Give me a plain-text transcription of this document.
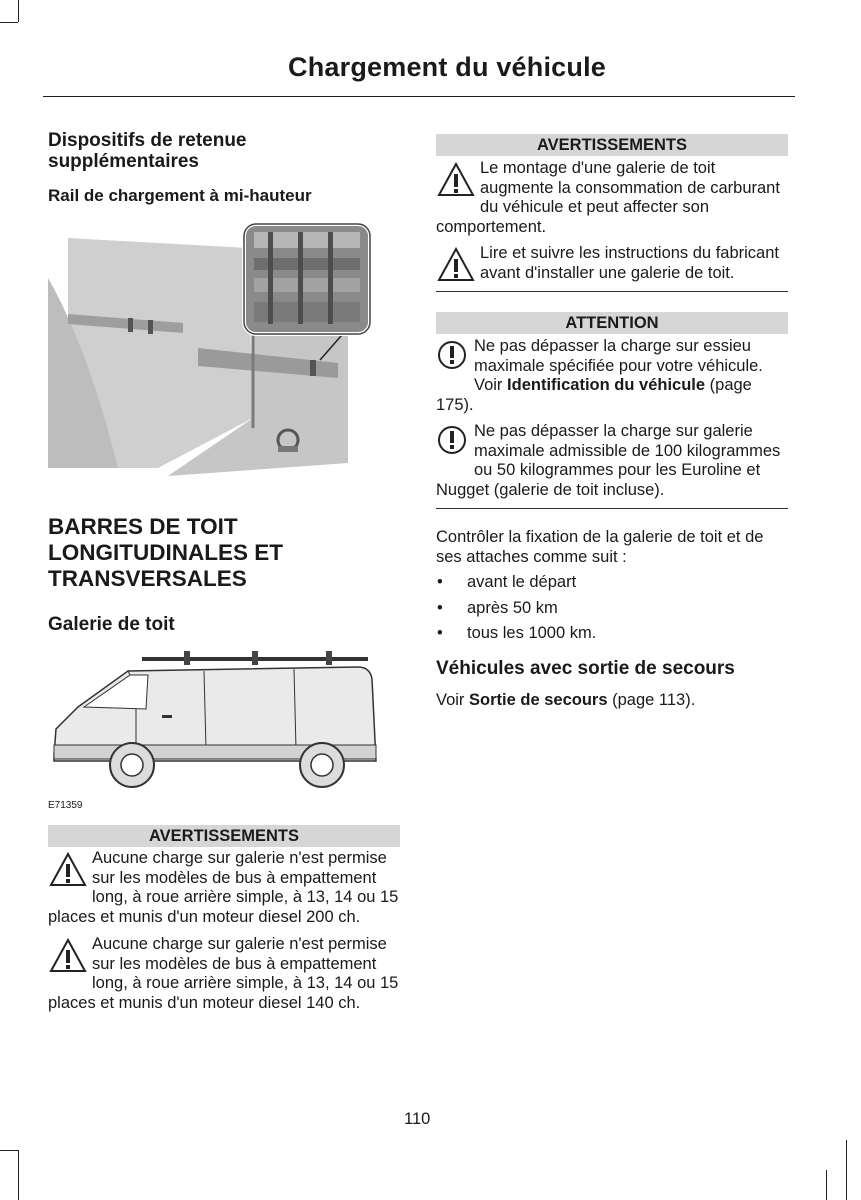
Chargement du véhicule

Dispositifs de retenue supplémentaires

Rail de chargement à mi-hauteur

BARRES DE TOIT LONGITUDINALES ET TRANSVERSALES

Galerie de toit

E71359
AVERTISSEMENTS
Aucune charge sur galerie n'est permise sur les modèles de bus à empattement long, à roue arrière simple, à 13, 14 ou 15 places et munis d'un moteur diesel 200 ch.
Aucune charge sur galerie n'est permise sur les modèles de bus à empattement long, à roue arrière simple, à 13, 14 ou 15 places et munis d'un moteur diesel 140 ch.
AVERTISSEMENTS
Le montage d'une galerie de toit augmente la consommation de carburant du véhicule et peut affecter son comportement.
Lire et suivre les instructions du fabricant avant d'installer une galerie de toit.
ATTENTION
Ne pas dépasser la charge sur essieu maximale spécifiée pour votre véhicule. Voir Identification du véhicule (page 175).
Ne pas dépasser la charge sur galerie maximale admissible de 100 kilogrammes ou 50 kilogrammes pour les Euroline et Nugget (galerie de toit incluse).

Contrôler la fixation de la galerie de toit et de ses attaches comme suit :

•	avant le départ
•	après 50 km
•	tous les 1000 km.

Véhicules avec sortie de secours

Voir Sortie de secours (page 113).

110
